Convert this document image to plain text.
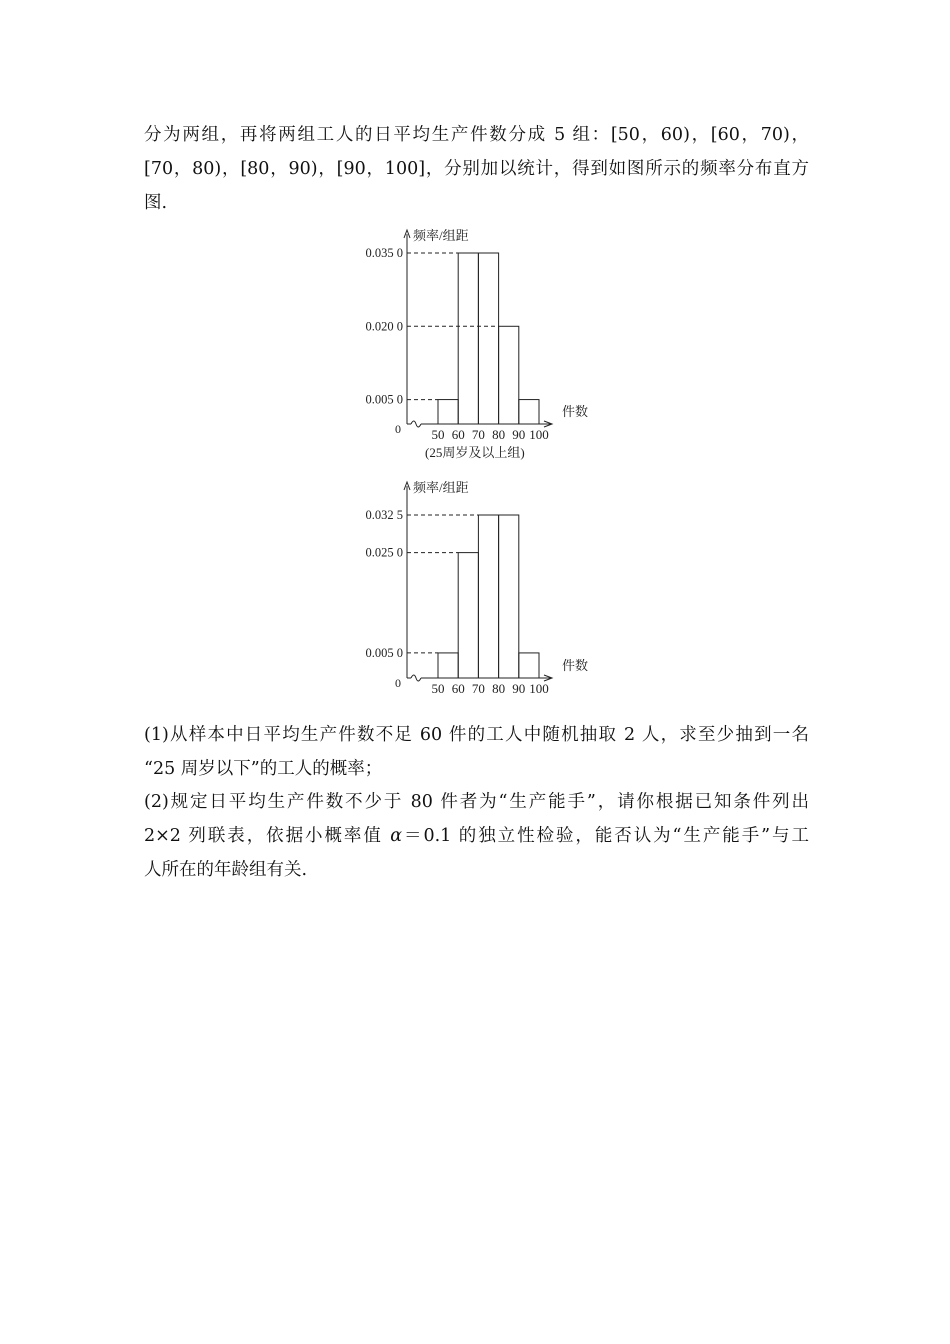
分为两组，再将两组工人的日平均生产件数分成 5 组：[50，60)，[60，70)，
[70，80)，[80，90)，[90，100]，分别加以统计，得到如图所示的频率分布直方
图.
频率/组距
件数
0
0.005 0
0.020 0
0.035 0
50 60 70 80 90 100
(25周岁及以上组)
频率/组距
件数
0
0.005 0
0.025 0
0.032 5
50 60 70 80 90 100
(1)从样本中日平均生产件数不足 60 件的工人中随机抽取 2 人，求至少抽到一名
“25 周岁以下”的工人的概率；
(2)规定日平均生产件数不少于 80 件者为“生产能手”，请你根据已知条件列出
2×2 列联表，依据小概率值 α＝0.1 的独立性检验，能否认为“生产能手”与工
人所在的年龄组有关.
